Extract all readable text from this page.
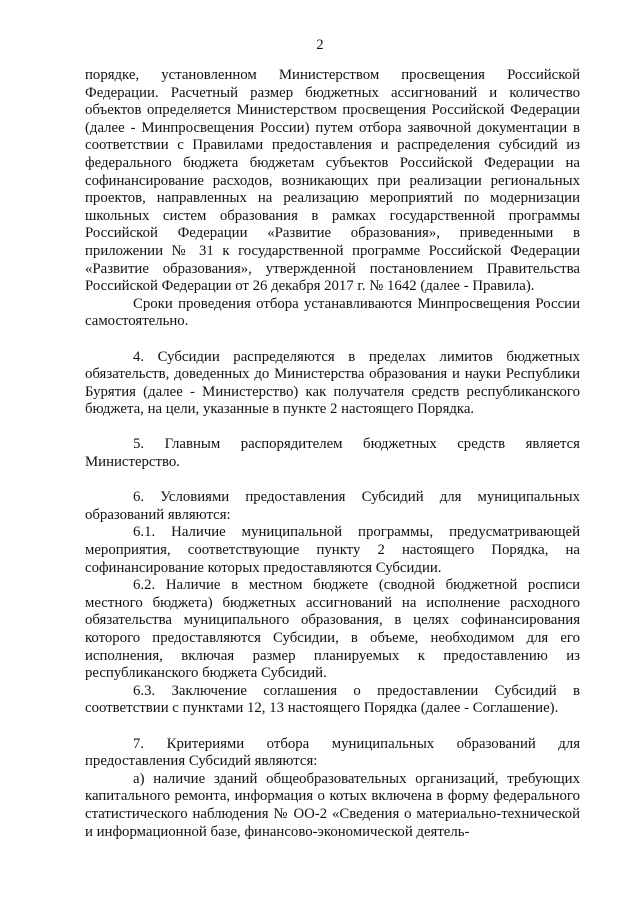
2

порядке, установленном Министерством просвещения Российской Федерации. Расчетный размер бюджетных ассигнований и количество объектов определяется Министерством просвещения Российской Федерации (далее - Минпросвещения России) путем отбора заявочной документации в соответствии с Правилами предоставления и распределения субсидий из федерального бюджета бюджетам субъектов Российской Федерации на софинансирование расходов, возникающих при реализации региональных проектов, направленных на реализацию мероприятий по модернизации школьных систем образования в рамках государственной программы Российской Федерации «Развитие образования», приведенными в приложении № 31 к государственной программе Российской Федерации «Развитие образования», утвержденной постановлением Правительства Российской Федерации от 26 декабря 2017 г. № 1642 (далее - Правила).

Сроки проведения отбора устанавливаются Минпросвещения России самостоятельно.

4. Субсидии распределяются в пределах лимитов бюджетных обязательств, доведенных до Министерства образования и науки Республики Бурятия (далее - Министерство) как получателя средств республиканского бюджета, на цели, указанные в пункте 2 настоящего Порядка.

5. Главным распорядителем бюджетных средств является Министерство.

6. Условиями предоставления Субсидий для муниципальных образований являются:

6.1. Наличие муниципальной программы, предусматривающей мероприятия, соответствующие пункту 2 настоящего Порядка, на софинансирование которых предоставляются Субсидии.

6.2. Наличие в местном бюджете (сводной бюджетной росписи местного бюджета) бюджетных ассигнований на исполнение расходного обязательства муниципального образования, в целях софинансирования которого предоставляются Субсидии, в объеме, необходимом для его исполнения, включая размер планируемых к предоставлению из республиканского бюджета Субсидий.

6.3. Заключение соглашения о предоставлении Субсидий в соответствии с пунктами 12, 13 настоящего Порядка (далее - Соглашение).

7. Критериями отбора муниципальных образований для предоставления Субсидий являются:

а) наличие зданий общеобразовательных организаций, требующих капитального ремонта, информация о котых включена в форму федерального статистического наблюдения № ОО-2 «Сведения о материально-технической и информационной базе, финансово-экономической деятель-
